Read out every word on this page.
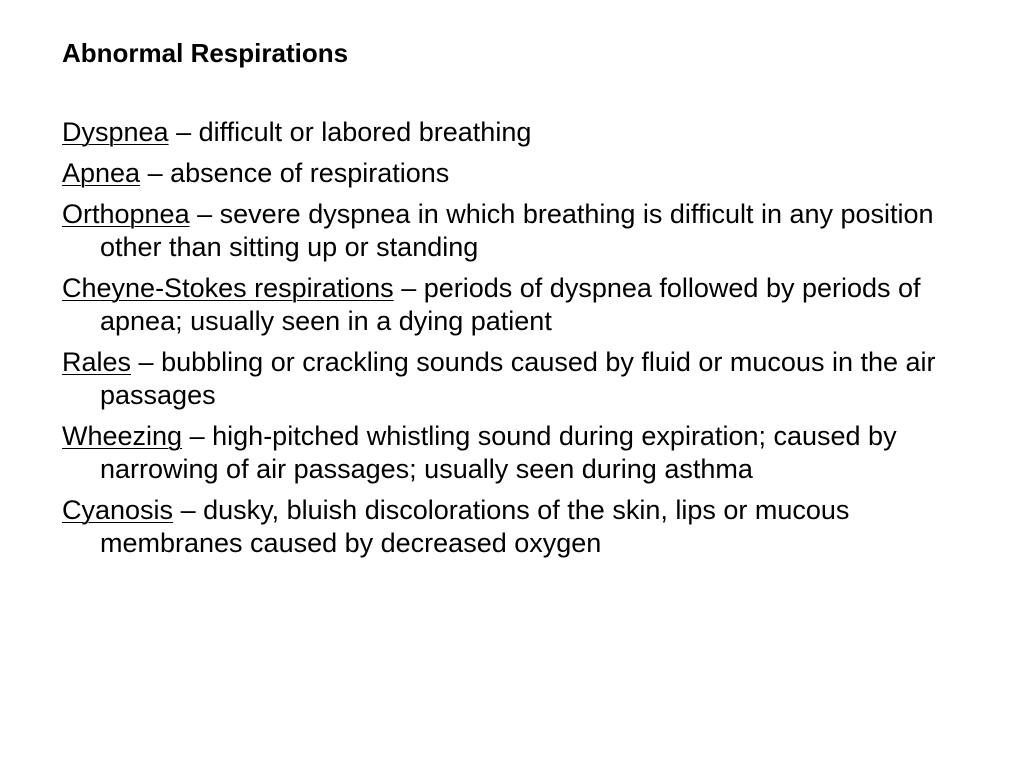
Abnormal Respirations
Dyspnea – difficult or labored breathing
Apnea – absence of respirations
Orthopnea – severe dyspnea in which breathing is difficult in any position other than sitting up or standing
Cheyne-Stokes respirations – periods of dyspnea followed by periods of apnea; usually seen in a dying patient
Rales – bubbling or crackling sounds caused by fluid or mucous in the air passages
Wheezing – high-pitched whistling sound during expiration; caused by narrowing of air passages; usually seen during asthma
Cyanosis – dusky, bluish discolorations of the skin, lips or mucous membranes caused by decreased oxygen
